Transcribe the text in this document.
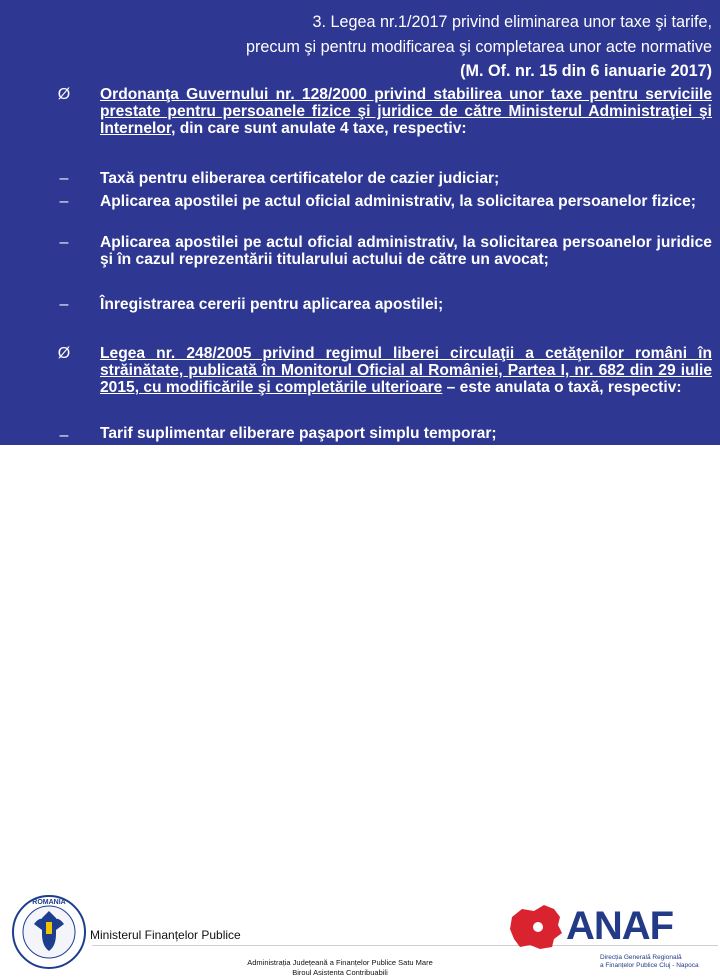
3. Legea nr.1/2017 privind eliminarea unor taxe şi tarife,
precum şi pentru modificarea şi completarea unor acte normative
(M. Of. nr. 15 din 6 ianuarie 2017)
Ø	Ordonanţa Guvernului nr. 128/2000 privind stabilirea unor taxe pentru serviciile prestate pentru persoanele fizice şi juridice de către Ministerul Administraţiei şi Internelor, din care sunt anulate 4 taxe, respectiv:
–	Taxă pentru eliberarea certificatelor de cazier judiciar;
–	Aplicarea apostilei pe actul oficial administrativ, la solicitarea persoanelor fizice;
–	Aplicarea apostilei pe actul oficial administrativ, la solicitarea persoanelor juridice şi în cazul reprezentării titularului actului de către un avocat;
–	Înregistrarea cererii pentru aplicarea apostilei;
Ø	Legea nr. 248/2005 privind regimul liberei circulaţii a cetăţenilor români în străinătate, publicată în Monitorul Oficial al României, Partea I, nr. 682 din 29 iulie 2015, cu modificările şi completările ulterioare – este anulata o taxă, respectiv:
–	Tarif suplimentar eliberare paşaport simplu temporar;
ROMANIA
Ministerul Finanțelor Publice
Administrația Județeană a Finanțelor Publice Satu Mare
Biroul Asistenta Contribuabili
ANAF
Direcția Generală Regională
a Finanțelor Publice Cluj - Napoca
